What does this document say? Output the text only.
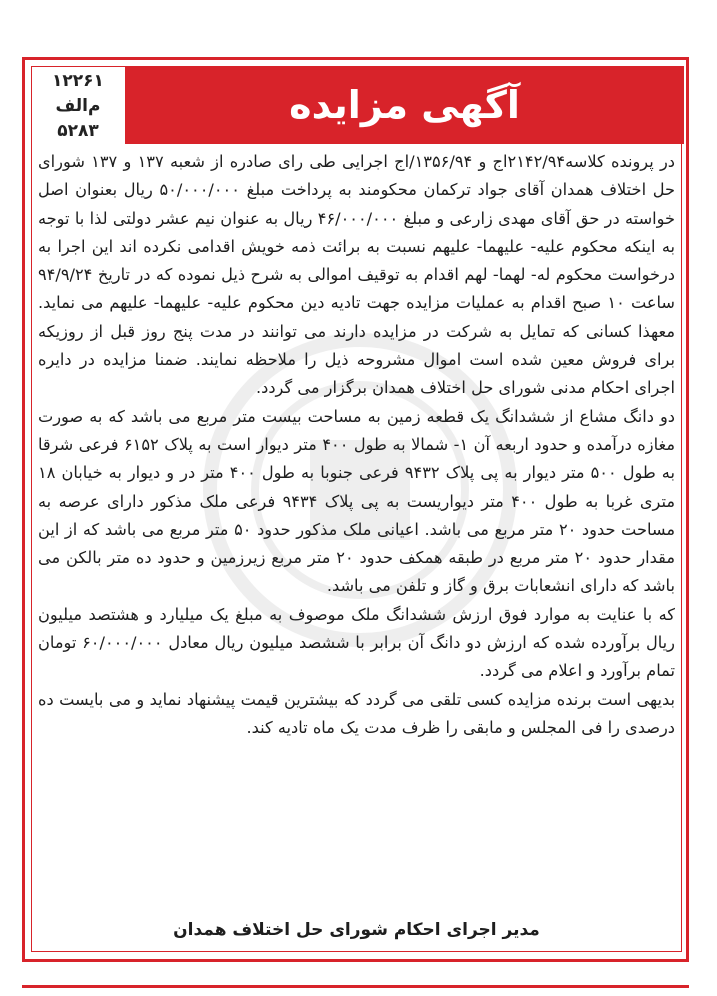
آگهی مزایده
۱۲۲۶۱
م‌الف
۵۲۸۳

در پرونده کلاسه۲۱۴۲/۹۴اج و ۱۳۵۶/۹۴/اج اجرایی طی رای صادره از شعبه ۱۳۷ و ۱۳۷ شورای حل اختلاف همدان آقای جواد ترکمان محکومند به پرداخت مبلغ ۵۰/۰۰۰/۰۰۰ ریال بعنوان اصل خواسته در حق آقای مهدی زارعی و مبلغ ۴۶/۰۰۰/۰۰۰ ریال به عنوان نیم عشر دولتی لذا با توجه به اینکه محکوم علیه- علیهما- علیهم نسبت به برائت ذمه خویش اقدامی نکرده اند این اجرا به درخواست محکوم له- لهما- لهم اقدام به توقیف اموالی به شرح ذیل نموده که در تاریخ ۹۴/۹/۲۴ ساعت ۱۰ صبح اقدام به عملیات مزایده جهت تادیه دین محکوم علیه- علیهما- علیهم می نماید. معهذا کسانی که تمایل به شرکت در مزایده دارند می توانند در مدت پنج روز قبل از روزیکه برای فروش معین شده است اموال مشروحه ذیل را ملاحظه نمایند. ضمنا مزایده در دایره اجرای احکام مدنی شورای حل اختلاف همدان برگزار می گردد.

دو دانگ مشاع از ششدانگ یک قطعه زمین به مساحت بیست متر مربع می باشد که به صورت مغازه درآمده و حدود اربعه آن ۱- شمالا به طول ۴۰۰ متر دیوار است به پلاک ۶۱۵۲ فرعی شرقا به طول ۵۰۰ متر دیوار به پی پلاک ۹۴۳۲ فرعی جنوبا به طول ۴۰۰ متر در و دیوار به خیابان ۱۸ متری غربا به طول ۴۰۰ متر دیواریست به پی پلاک ۹۴۳۴ فرعی ملک مذکور دارای عرصه به مساحت حدود ۲۰ متر مربع می باشد. اعیانی ملک مذکور حدود ۵۰ متر مربع می باشد که از این مقدار حدود ۲۰ متر مربع در طبقه همکف حدود ۲۰ متر مربع زیرزمین و حدود ده متر بالکن می باشد که دارای انشعابات برق و گاز و تلفن می باشد.

که با عنایت به موارد فوق ارزش ششدانگ ملک موصوف به مبلغ یک میلیارد و هشتصد میلیون ریال برآورده شده که ارزش دو دانگ آن برابر با ششصد میلیون ریال معادل ۶۰/۰۰۰/۰۰۰ تومان تمام برآورد و اعلام می گردد.

بدیهی است برنده مزایده کسی تلقی می گردد که بیشترین قیمت پیشنهاد نماید و می بایست ده درصدی را فی المجلس و مابقی را ظرف مدت یک ماه تادیه کند.

مدیر اجرای احکام شورای حل اختلاف همدان
